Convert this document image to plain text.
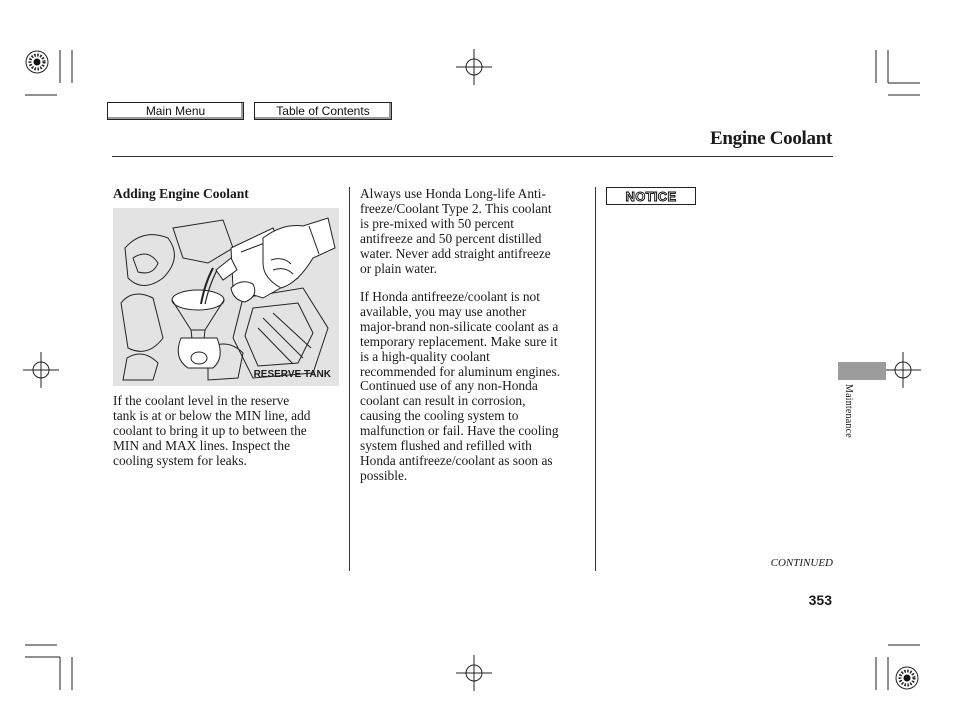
Main Menu	Table of Contents
Engine Coolant
Adding Engine Coolant
RESERVE TANK
If the coolant level in the reserve
tank is at or below the MIN line, add
coolant to bring it up to between the
MIN and MAX lines. Inspect the
cooling system for leaks.
Always use Honda Long-life Anti-
freeze/Coolant Type 2. This coolant
is pre-mixed with 50 percent
antifreeze and 50 percent distilled
water. Never add straight antifreeze
or plain water.
If Honda antifreeze/coolant is not
available, you may use another
major-brand non-silicate coolant as a
temporary replacement. Make sure it
is a high-quality coolant
recommended for aluminum engines.
Continued use of any non-Honda
coolant can result in corrosion,
causing the cooling system to
malfunction or fail. Have the cooling
system flushed and refilled with
Honda antifreeze/coolant as soon as
possible.
NOTICE
Maintenance
CONTINUED
353
